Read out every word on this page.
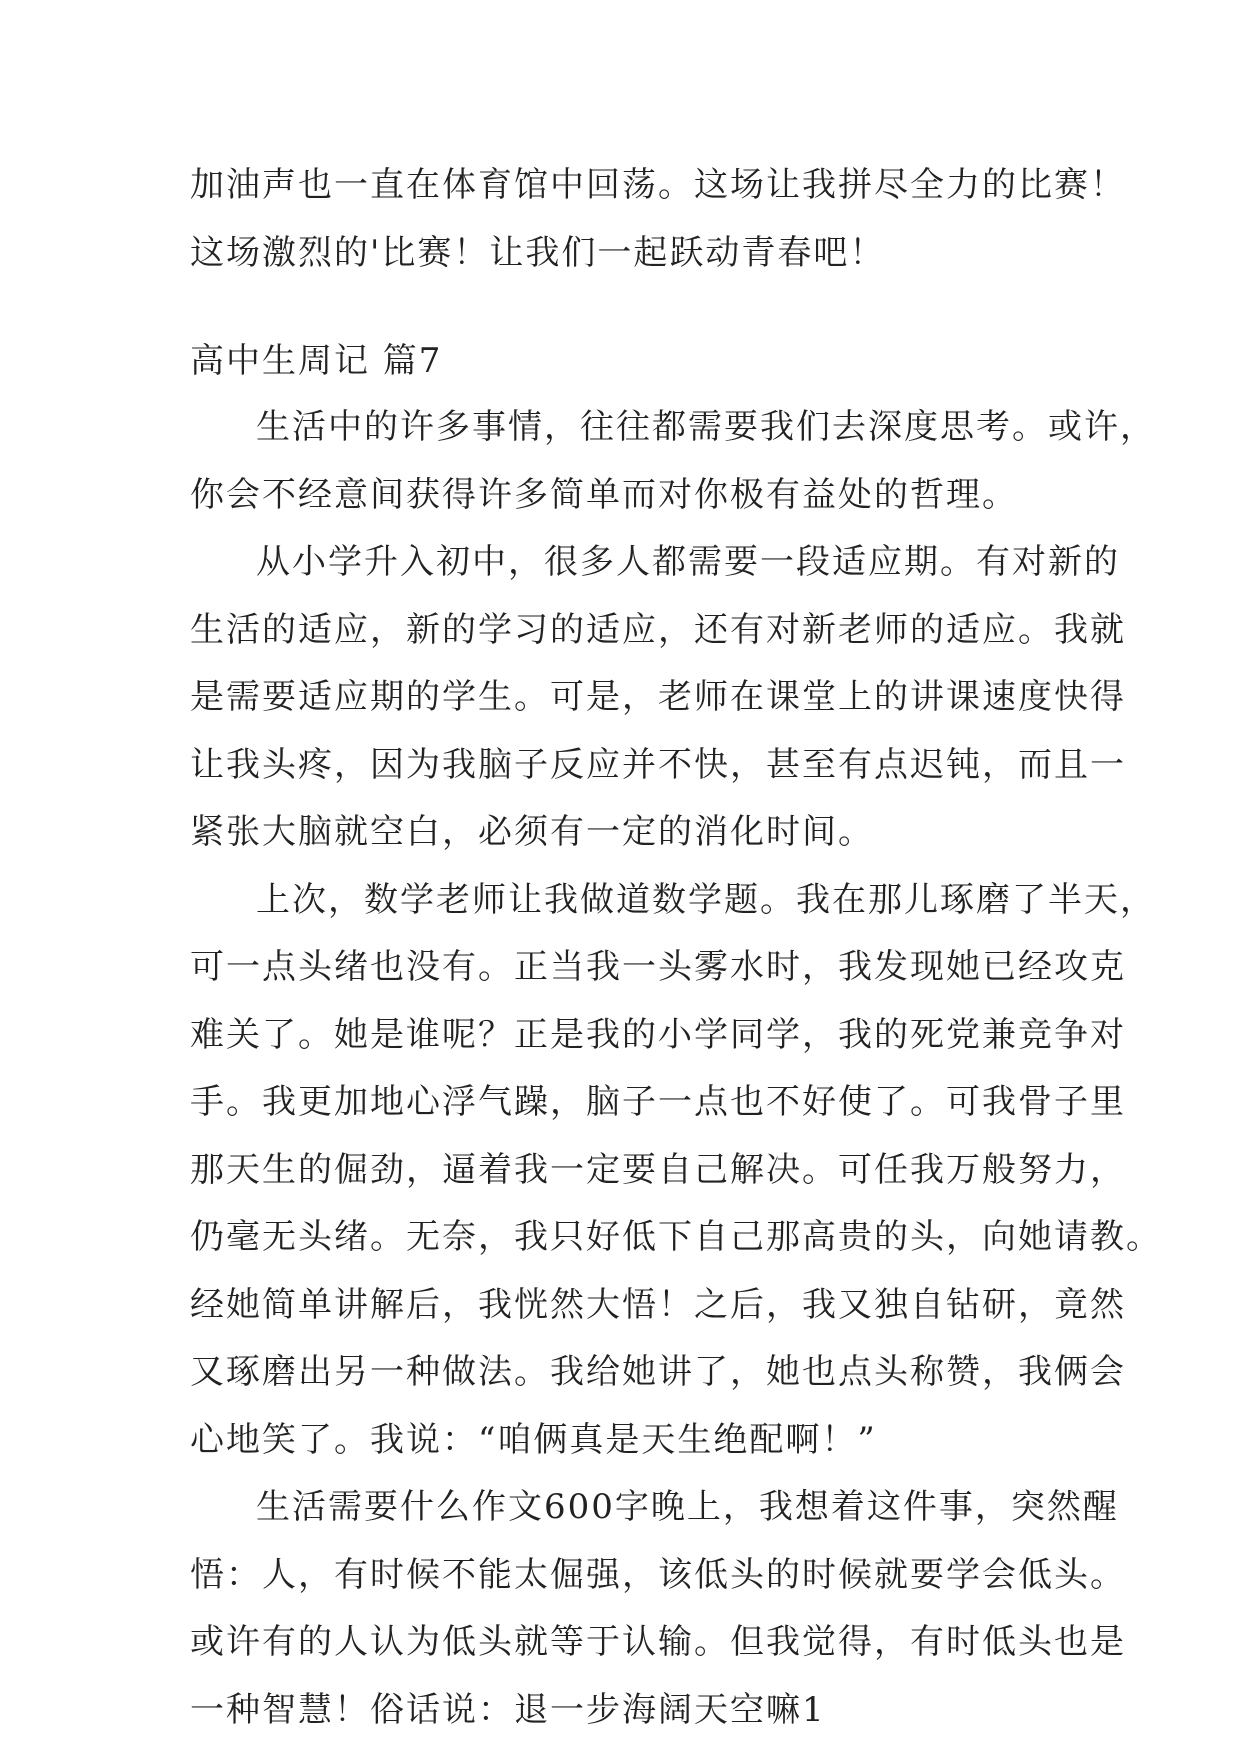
加油声也一直在体育馆中回荡。这场让我拼尽全力的比赛！
这场激烈的'比赛！让我们一起跃动青春吧！
高中生周记 篇7
生活中的许多事情，往往都需要我们去深度思考。或许，
你会不经意间获得许多简单而对你极有益处的哲理。
从小学升入初中，很多人都需要一段适应期。有对新的
生活的适应，新的学习的适应，还有对新老师的适应。我就
是需要适应期的学生。可是，老师在课堂上的讲课速度快得
让我头疼，因为我脑子反应并不快，甚至有点迟钝，而且一
紧张大脑就空白，必须有一定的消化时间。
上次，数学老师让我做道数学题。我在那儿琢磨了半天，
可一点头绪也没有。正当我一头雾水时，我发现她已经攻克
难关了。她是谁呢？正是我的小学同学，我的死党兼竞争对
手。我更加地心浮气躁，脑子一点也不好使了。可我骨子里
那天生的倔劲，逼着我一定要自己解决。可任我万般努力，
仍毫无头绪。无奈，我只好低下自己那高贵的头，向她请教。
经她简单讲解后，我恍然大悟！之后，我又独自钻研，竟然
又琢磨出另一种做法。我给她讲了，她也点头称赞，我俩会
心地笑了。我说：“咱俩真是天生绝配啊！”
生活需要什么作文600字晚上，我想着这件事，突然醒
悟：人，有时候不能太倔强，该低头的时候就要学会低头。
或许有的人认为低头就等于认输。但我觉得，有时低头也是
一种智慧！俗话说：退一步海阔天空嘛1
